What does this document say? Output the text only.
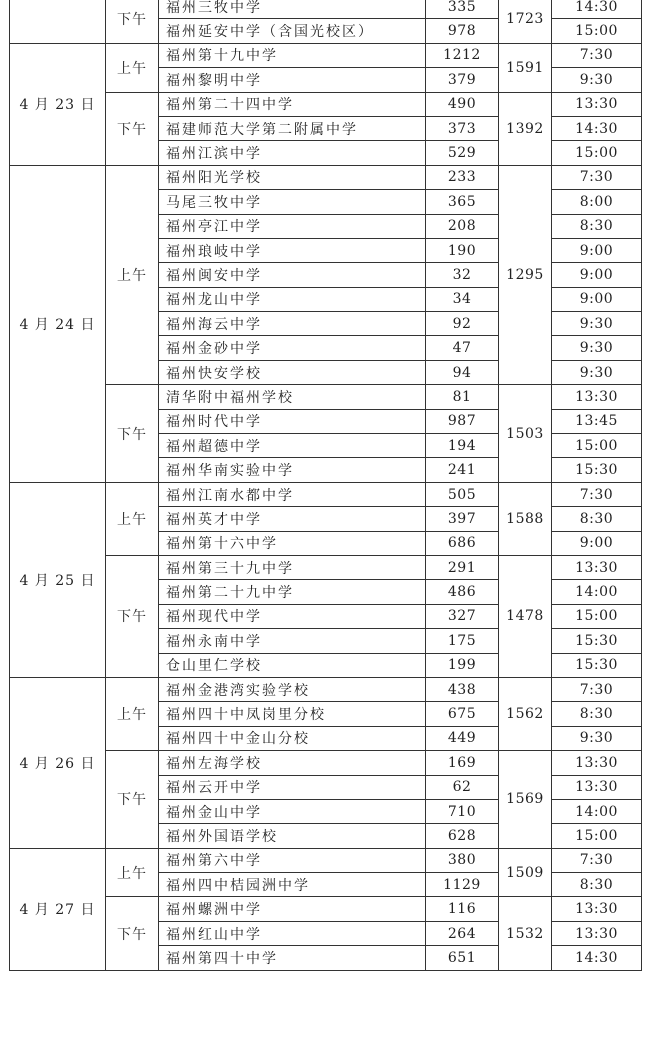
	下午	福州三牧中学	335	1723	14:30
		福州延安中学（含国光校区）	978		15:00
4 月 23 日	上午	福州第十九中学	1212	1591	7:30
		福州黎明中学	379		9:30
	下午	福州第二十四中学	490	1392	13:30
		福建师范大学第二附属中学	373		14:30
		福州江滨中学	529		15:00
4 月 24 日	上午	福州阳光学校	233	1295	7:30
		马尾三牧中学	365		8:00
		福州亭江中学	208		8:30
		福州琅岐中学	190		9:00
		福州闽安中学	32		9:00
		福州龙山中学	34		9:00
		福州海云中学	92		9:30
		福州金砂中学	47		9:30
		福州快安学校	94		9:30
	下午	清华附中福州学校	81	1503	13:30
		福州时代中学	987		13:45
		福州超德中学	194		15:00
		福州华南实验中学	241		15:30
4 月 25 日	上午	福州江南水都中学	505	1588	7:30
		福州英才中学	397		8:30
		福州第十六中学	686		9:00
	下午	福州第三十九中学	291	1478	13:30
		福州第二十九中学	486		14:00
		福州现代中学	327		15:00
		福州永南中学	175		15:30
		仓山里仁学校	199		15:30
4 月 26 日	上午	福州金港湾实验学校	438	1562	7:30
		福州四十中凤岗里分校	675		8:30
		福州四十中金山分校	449		9:30
	下午	福州左海学校	169	1569	13:30
		福州云开中学	62		13:30
		福州金山中学	710		14:00
		福州外国语学校	628		15:00
4 月 27 日	上午	福州第六中学	380	1509	7:30
		福州四中桔园洲中学	1129		8:30
	下午	福州螺洲中学	116	1532	13:30
		福州红山中学	264		13:30
		福州第四十中学	651		14:30
